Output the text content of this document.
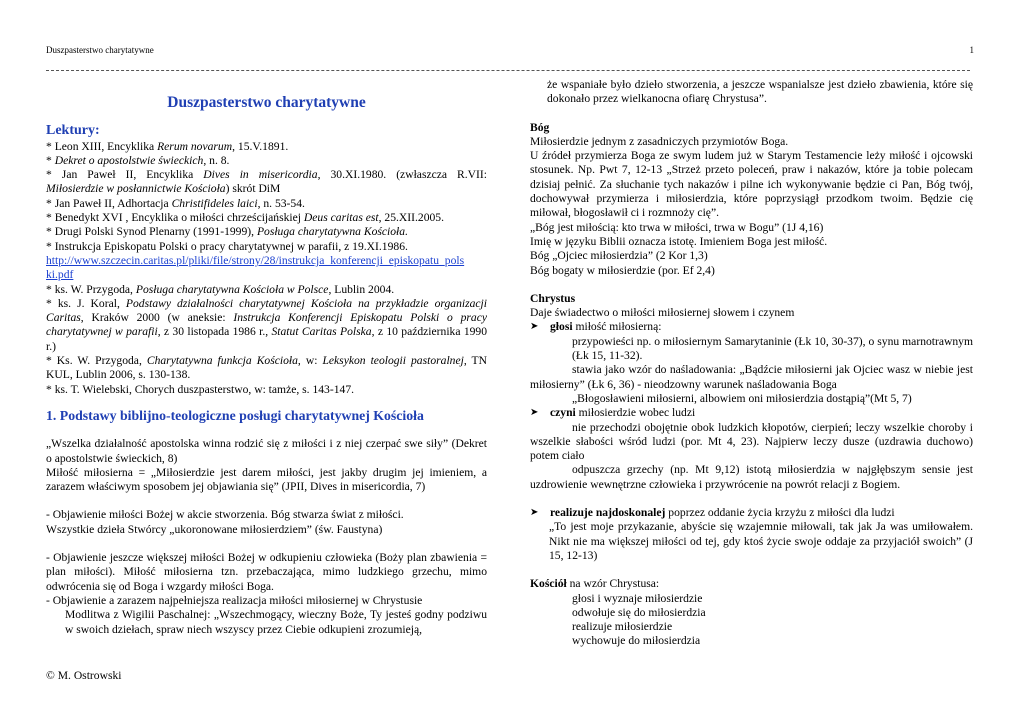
Duszpasterstwo charytatywne	1
Duszpasterstwo charytatywne
Lektury:

* Leon XIII, Encyklika Rerum novarum, 15.V.1891.

* Dekret o apostolstwie świeckich, n. 8.

* Jan Paweł II, Encyklika Dives in misericordia, 30.XI.1980. (zwłaszcza R.VII:

Miłosierdzie w posłannictwie Kościoła) skrót DiM

* Jan Paweł II, Adhortacja Christifideles laici, n. 53-54.

* Benedykt XVI , Encyklika o miłości chrześcijańskiej Deus caritas est, 25.XII.2005.

* Drugi Polski Synod Plenarny (1991-1999), Posługa charytatywna Kościoła.

* Instrukcja Episkopatu Polski o pracy charytatywnej w parafii, z 19.XI.1986.

http://www.szczecin.caritas.pl/pliki/file/strony/28/instrukcja_konferencji_episkopatu_pols
ki.pdf

* ks. W. Przygoda, Posługa charytatywna Kościoła w Polsce, Lublin 2004.

* ks. J. Koral, Podstawy działalności charytatywnej Kościoła na przykładzie organizacji Caritas, Kraków 2000 (w aneksie: Instrukcja Konferencji Episkopatu Polski o pracy charytatywnej w parafii, z 30 listopada 1986 r., Statut Caritas Polska, z 10 października 1990 r.)

* Ks. W. Przygoda, Charytatywna funkcja Kościoła, w: Leksykon teologii pastoralnej, TN KUL, Lublin 2006, s. 130-138.

* ks. T. Wielebski, Chorych duszpasterstwo, w: tamże, s. 143-147.

1. Podstawy biblijno-teologiczne posługi charytatywnej Kościoła

„Wszelka działalność apostolska winna rodzić się z miłości i z niej czerpać swe siły” (Dekret o apostolstwie świeckich, 8)

Miłość miłosierna = „Miłosierdzie jest darem miłości, jest jakby drugim jej imieniem, a zarazem właściwym sposobem jej objawiania się” (JPII, Dives in misericordia, 7)

- Objawienie miłości Bożej w akcie stworzenia. Bóg stwarza świat z miłości.

Wszystkie dzieła Stwórcy „ukoronowane miłosierdziem” (św. Faustyna)

- Objawienie jeszcze większej miłości Bożej w odkupieniu człowieka (Boży plan zbawienia = plan miłości). Miłość miłosierna tzn. przebaczająca, mimo ludzkiego grzechu, mimo odwrócenia się od Boga i wzgardy miłości Boga.

- Objawienie a zarazem najpełniejsza realizacja miłości miłosiernej w Chrystusie

Modlitwa z Wigilii Paschalnej: „Wszechmogący, wieczny Boże, Ty jesteś godny podziwu w swoich dziełach, spraw niech wszyscy przez Ciebie odkupieni zrozumieją,

że wspaniałe było dzieło stworzenia, a jeszcze wspanialsze jest dzieło zbawienia, które się dokonało przez wielkanocna ofiarę Chrystusa”.

Bóg

Miłosierdzie jednym z zasadniczych przymiotów Boga.

U źródeł przymierza Boga ze swym ludem już w Starym Testamencie leży miłość i ojcowski stosunek. Np. Pwt 7, 12-13 „Strzeż przeto poleceń, praw i nakazów, które ja tobie polecam dzisiaj pełnić. Za słuchanie tych nakazów i pilne ich wykonywanie będzie ci Pan, Bóg twój, dochowywał przymierza i miłosierdzia, które poprzysiągł przodkom twoim. Będzie cię miłował, błogosławił ci i rozmnoży cię”.

„Bóg jest miłością: kto trwa w miłości, trwa w Bogu” (1J 4,16)

Imię w języku Biblii oznacza istotę. Imieniem Boga jest miłość.

Bóg „Ojciec miłosierdzia” (2 Kor 1,3)

Bóg bogaty w miłosierdzie (por. Ef 2,4)

Chrystus

Daje świadectwo o miłości miłosiernej słowem i czynem

➤	głosi miłość miłosierną:

przypowieści np. o miłosiernym Samarytaninie (Łk 10, 30-37), o synu marnotrawnym (Łk 15, 11-32).

stawia jako wzór do naśladowania: „Bądźcie miłosierni jak Ojciec wasz w niebie jest miłosierny” (Łk 6, 36) - nieodzowny warunek naśladowania Boga

„Błogosławieni miłosierni, albowiem oni miłosierdzia dostąpią”(Mt 5, 7)

➤	czyni miłosierdzie wobec ludzi

nie przechodzi obojętnie obok ludzkich kłopotów, cierpień; leczy wszelkie choroby i wszelkie słabości wśród ludzi (por. Mt 4, 23). Najpierw leczy dusze (uzdrawia duchowo) potem ciało

odpuszcza grzechy (np. Mt 9,12) istotą miłosierdzia w najgłębszym sensie jest uzdrowienie wewnętrzne człowieka i przywrócenie na powrót relacji z Bogiem.

➤	realizuje najdoskonalej poprzez oddanie życia krzyżu z miłości dla ludzi

„To jest moje przykazanie, abyście się wzajemnie miłowali, tak jak Ja was umiłowałem. Nikt nie ma większej miłości od tej, gdy ktoś życie swoje oddaje za przyjaciół swoich” (J 15, 12-13)

Kościół na wzór Chrystusa:

głosi i wyznaje miłosierdzie

odwołuje się do miłosierdzia

realizuje miłosierdzie

wychowuje do miłosierdzia

© M. Ostrowski
